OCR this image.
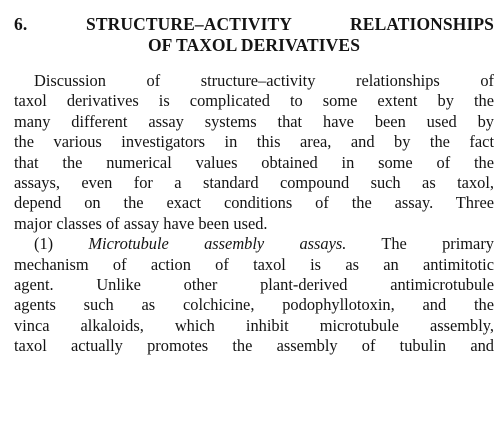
6. STRUCTURE–ACTIVITY RELATIONSHIPS
OF TAXOL DERIVATIVES
Discussion of structure–activity relationships of
taxol derivatives is complicated to some extent by the
many different assay systems that have been used by
the various investigators in this area, and by the fact
that the numerical values obtained in some of the
assays, even for a standard compound such as taxol,
depend on the exact conditions of the assay. Three
major classes of assay have been used.
(1) Microtubule assembly assays. The primary
mechanism of action of taxol is as an antimitotic
agent. Unlike other plant-derived antimicrotubule
agents such as colchicine, podophyllotoxin, and the
vinca alkaloids, which inhibit microtubule assembly,
taxol actually promotes the assembly of tubulin and
